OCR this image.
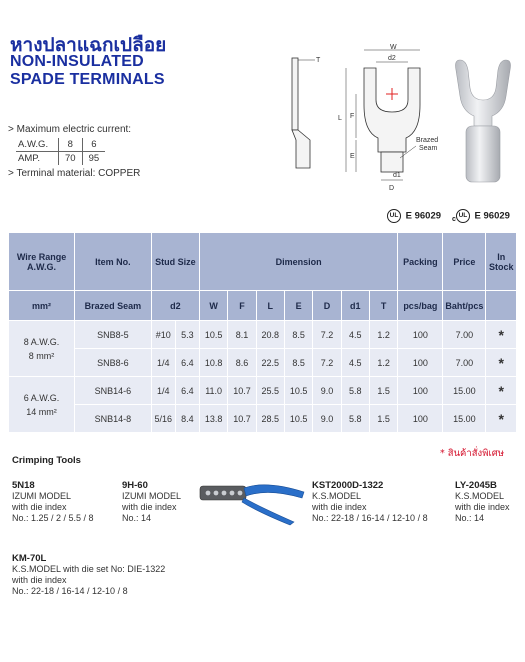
หางปลาแฉกเปลือย
NON-INSULATED
SPADE TERMINALS
> Maximum electric current:
A.W.G.	8	6
AMP.	70	95
> Terminal material: COPPER
T
W
d2
L F
E
Brazed
Seam
d1
D
UL E 96029 cUL E 96029
Wire Range A.W.G.	Item No.	Stud Size		Dimension							Packing	Price	In Stock
mm²	Brazed Seam	d2		W	F	L	E	D	d1	T	pcs/bag	Baht/pcs	

8 A.W.G.
8 mm²	SNB8-5	#10	5.3	10.5	8.1	20.8	8.5	7.2	4.5	1.2	100	7.00	*
	SNB8-6	1/4	6.4	10.8	8.6	22.5	8.5	7.2	4.5	1.2	100	7.00	*

6 A.W.G.
14 mm²	SNB14-6	1/4	6.4	11.0	10.7	25.5	10.5	9.0	5.8	1.5	100	15.00	*
	SNB14-8	5/16	8.4	13.8	10.7	28.5	10.5	9.0	5.8	1.5	100	15.00	*
* สินค้าสั่งพิเศษ
Crimping Tools
5N18
IZUMI MODEL
with die index
No.: 1.25 / 2 / 5.5 / 8
9H-60
IZUMI MODEL
with die index
No.: 14
KST2000D-1322
K.S.MODEL
with die index
No.: 22-18 / 16-14 / 12-10 / 8
LY-2045B
K.S.MODEL
with die index
No.: 14
KM-70L
K.S.MODEL with die set No: DIE-1322
with die index
No.: 22-18 / 16-14 / 12-10 / 8
